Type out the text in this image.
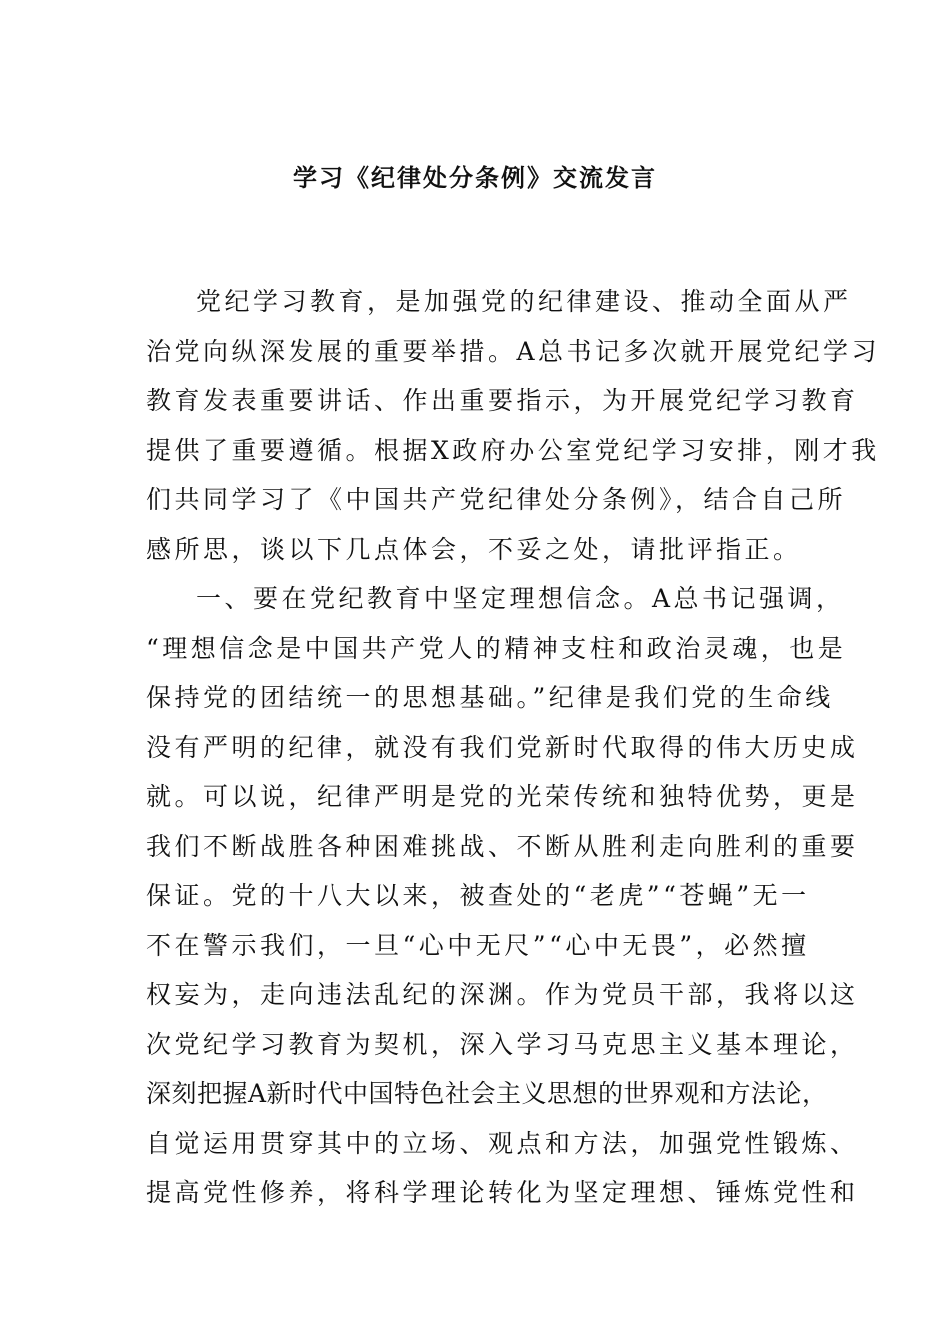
学习《纪律处分条例》交流发言
党纪学习教育，是加强党的纪律建设、推动全面从严
治党向纵深发展的重要举措。A总书记多次就开展党纪学习
教育发表重要讲话、作出重要指示，为开展党纪学习教育
提供了重要遵循。根据X政府办公室党纪学习安排，刚才我
们共同学习了《中国共产党纪律处分条例》，结合自己所
感所思，谈以下几点体会，不妥之处，请批评指正。
一、要在党纪教育中坚定理想信念。A总书记强调，
“理想信念是中国共产党人的精神支柱和政治灵魂，也是
保持党的团结统一的思想基础。”纪律是我们党的生命线
没有严明的纪律，就没有我们党新时代取得的伟大历史成
就。可以说，纪律严明是党的光荣传统和独特优势，更是
我们不断战胜各种困难挑战、不断从胜利走向胜利的重要
保证。党的十八大以来，被查处的“老虎”“苍蝇”无一
不在警示我们，一旦“心中无尺”“心中无畏”，必然擅
权妄为，走向违法乱纪的深渊。作为党员干部，我将以这
次党纪学习教育为契机，深入学习马克思主义基本理论，
深刻把握A新时代中国特色社会主义思想的世界观和方法论，
自觉运用贯穿其中的立场、观点和方法，加强党性锻炼、
提高党性修养，将科学理论转化为坚定理想、锤炼党性和
